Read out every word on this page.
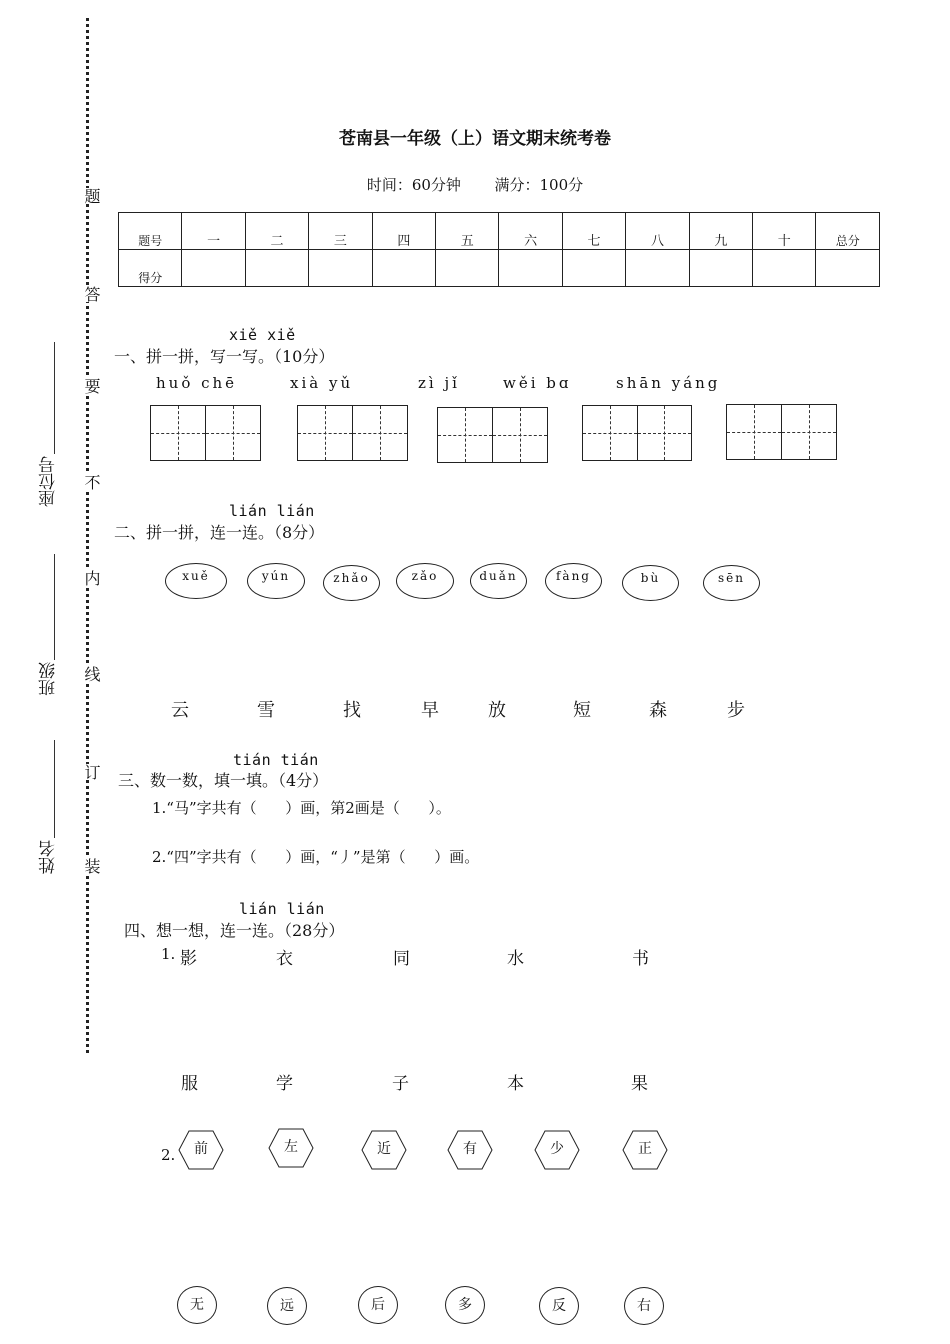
题
答
要
不
内
线
订
装
座位号
班级
姓名
苍南县一年级（上）语文期末统考卷
时间：60分钟 满分：100分
题号	一	二	三	四	五	六	七	八	九	十	总分
得分											
xiě xiě
一、拼一拼，写一写。（10分）
huǒ chē	xià yǔ	zì jǐ	wěi bɑ	shān yáng
lián lián
二、拼一拼，连一连。（8分）
xuě	yún	zhǎo	zǎo	duǎn	fàng	bù	sēn
云	雪	找	早	放	短	森	步
tián tián
三、数一数，填一填。（4分）
1.“马”字共有（      ）画，第2画是（      ）。
2.“四”字共有（      ）画，“丿”是第（      ）画。
lián lián
四、想一想，连一连。（28分）
1. 影	衣	同	水	书
服	学	子	本	果
2.	前	左	近	有	少	正
无	远	后	多	反	右
